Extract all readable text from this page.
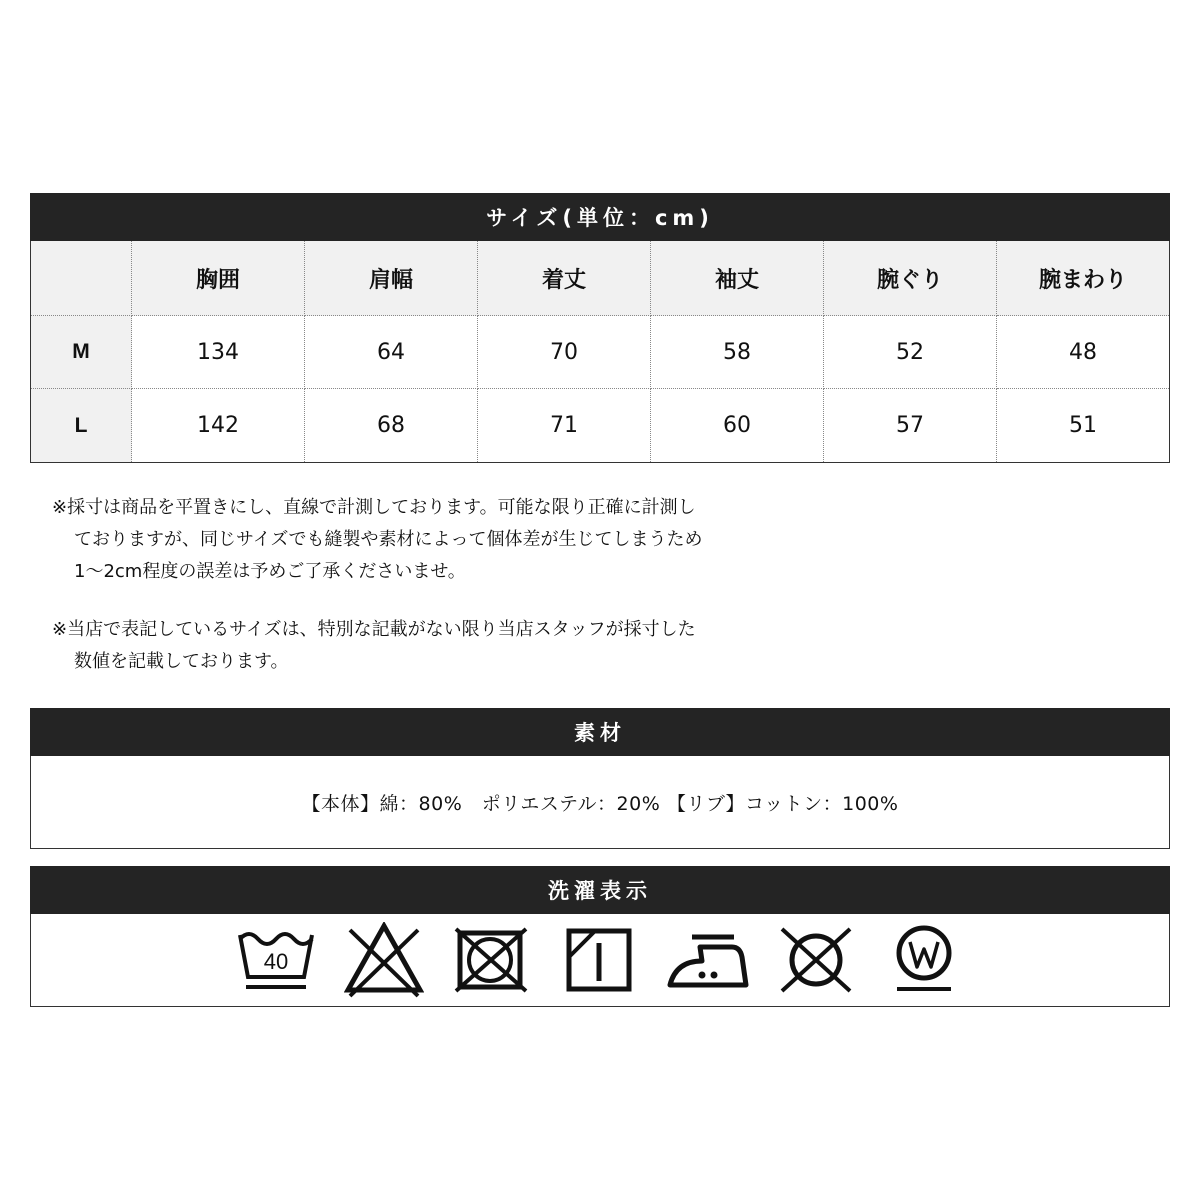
サイズ(単位：cm)
	胸囲	肩幅	着丈	袖丈	腕ぐり	腕まわり
M	134	64	70	58	52	48
L	142	68	71	60	57	51
※採寸は商品を平置きにし、直線で計測しております。可能な限り正確に計測し
ておりますが、同じサイズでも縫製や素材によって個体差が生じてしまうため
1〜2cm程度の誤差は予めご了承くださいませ。
※当店で表記しているサイズは、特別な記載がない限り当店スタッフが採寸した
数値を記載しております。
素材
【本体】綿：80%　ポリエステル：20% 【リブ】コットン：100%
洗濯表示
40
